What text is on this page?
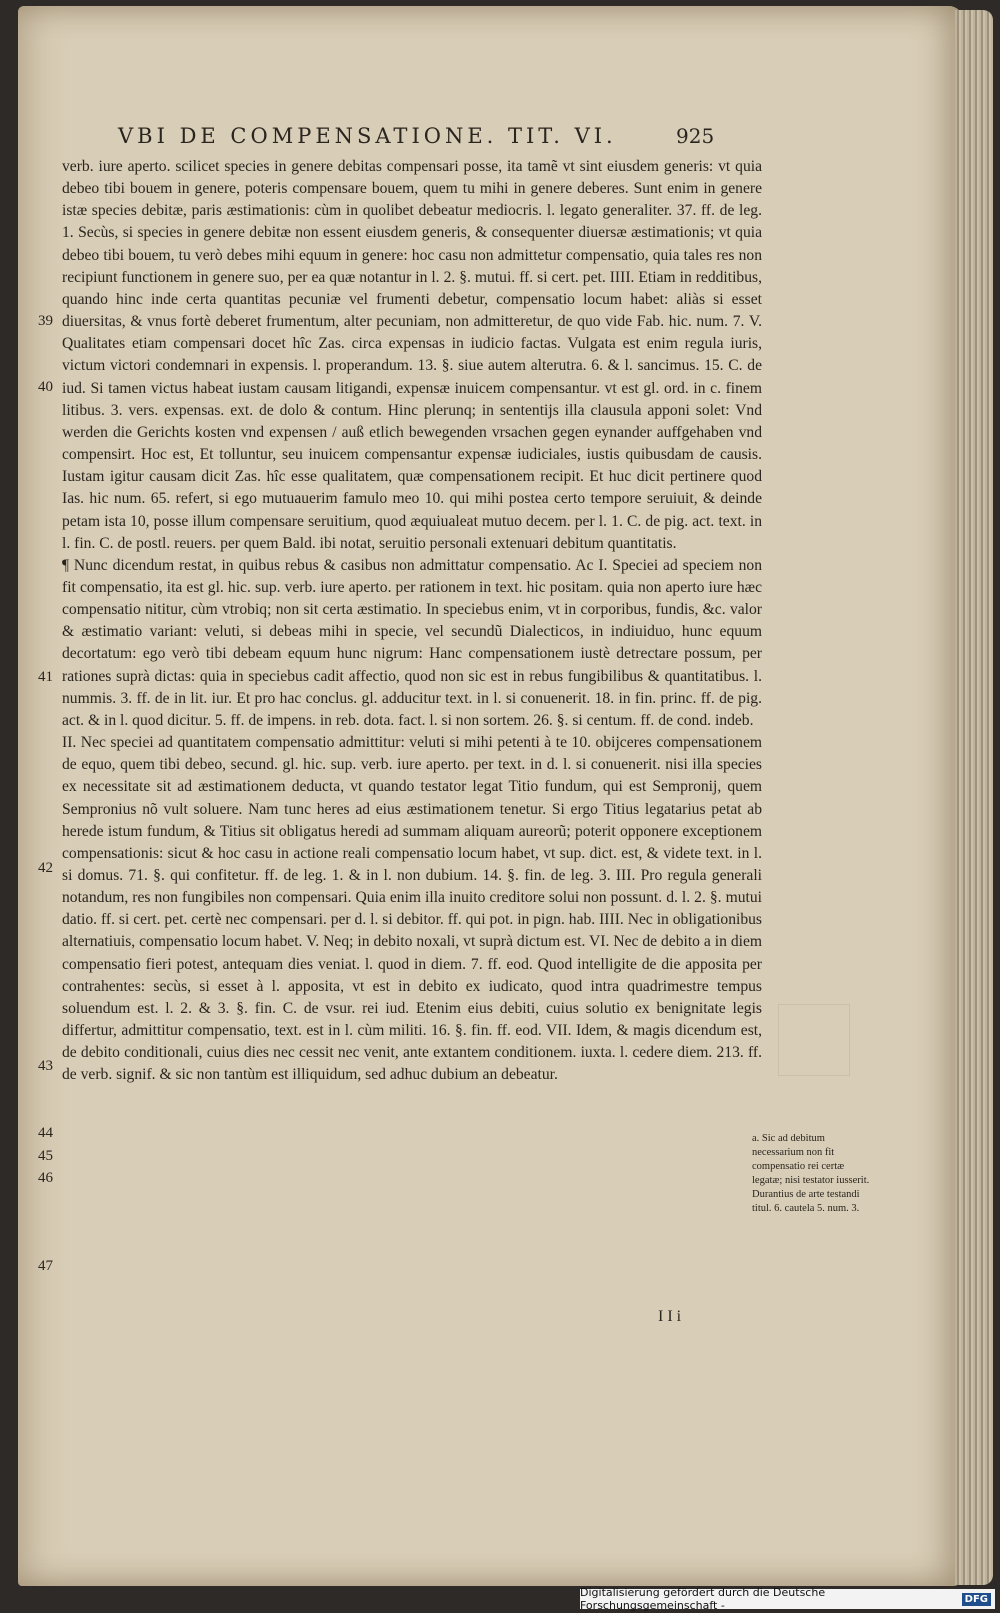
VBI DE COMPENSATIONE. TIT. VI.	925
39
40
41
42
43
44
45
46
47

verb. iure aperto. scilicet species in genere debitas compensari posse, ita tamẽ vt sint eiusdem generis: vt quia debeo tibi bouem in genere, poteris compensare bouem, quem tu mihi in genere deberes. Sunt enim in genere istæ species debitæ, paris æstimationis: cùm in quolibet debeatur mediocris. l. legato generaliter. 37. ff. de leg. 1. Secùs, si species in genere debitæ non essent eiusdem generis, & consequenter diuersæ æstimationis; vt quia debeo tibi bouem, tu verò debes mihi equum in genere: hoc casu non admittetur compensatio, quia tales res non recipiunt functionem in genere suo, per ea quæ notantur in l. 2. §. mutui. ff. si cert. pet. IIII. Etiam in redditibus, quando hinc inde certa quantitas pecuniæ vel frumenti debetur, compensatio locum habet: aliàs si esset diuersitas, & vnus fortè deberet frumentum, alter pecuniam, non admitteretur, de quo vide Fab. hic. num. 7. V. Qualitates etiam compensari docet hîc Zas. circa expensas in iudicio factas. Vulgata est enim regula iuris, victum victori condemnari in expensis. l. properandum. 13. §. siue autem alterutra. 6. & l. sancimus. 15. C. de iud. Si tamen victus habeat iustam causam litigandi, expensæ inuicem compensantur. vt est gl. ord. in c. finem litibus. 3. vers. expensas. ext. de dolo & contum. Hinc plerunq; in sententijs illa clausula apponi solet: Vnd werden die Gerichts kosten vnd expensen / auß etlich bewegenden vrsachen gegen eynander auffgehaben vnd compensirt. Hoc est, Et tolluntur, seu inuicem compensantur expensæ iudiciales, iustis quibusdam de causis. Iustam igitur causam dicit Zas. hîc esse qualitatem, quæ compensationem recipit. Et huc dicit pertinere quod Ias. hic num. 65. refert, si ego mutuauerim famulo meo 10. qui mihi postea certo tempore seruiuit, & deinde petam ista 10, posse illum compensare seruitium, quod æquiualeat mutuo decem. per l. 1. C. de pig. act. text. in l. fin. C. de postl. reuers. per quem Bald. ibi notat, seruitio personali extenuari debitum quantitatis.

¶ Nunc dicendum restat, in quibus rebus & casibus non admittatur compensatio. Ac I. Speciei ad speciem non fit compensatio, ita est gl. hic. sup. verb. iure aperto. per rationem in text. hic positam. quia non aperto iure hæc compensatio nititur, cùm vtrobiq; non sit certa æstimatio. In speciebus enim, vt in corporibus, fundis, &c. valor & æstimatio variant: veluti, si debeas mihi in specie, vel secundũ Dialecticos, in indiuiduo, hunc equum decortatum: ego verò tibi debeam equum hunc nigrum: Hanc compensationem iustè detrectare possum, per rationes suprà dictas: quia in speciebus cadit affectio, quod non sic est in rebus fungibilibus & quantitatibus. l. nummis. 3. ff. de in lit. iur. Et pro hac conclus. gl. adducitur text. in l. si conuenerit. 18. in fin. princ. ff. de pig. act. & in l. quod dicitur. 5. ff. de impens. in reb. dota. fact. l. si non sortem. 26. §. si centum. ff. de cond. indeb.

II. Nec speciei ad quantitatem compensatio admittitur: veluti si mihi petenti à te 10. obijceres compensationem de equo, quem tibi debeo, secund. gl. hic. sup. verb. iure aperto. per text. in d. l. si conuenerit. nisi illa species ex necessitate sit ad æstimationem deducta, vt quando testator legat Titio fundum, qui est Sempronij, quem Sempronius nõ vult soluere. Nam tunc heres ad eius æstimationem tenetur. Si ergo Titius legatarius petat ab herede istum fundum, & Titius sit obligatus heredi ad summam aliquam aureorũ; poterit opponere exceptionem compensationis: sicut & hoc casu in actione reali compensatio locum habet, vt sup. dict. est, & videte text. in l. si domus. 71. §. qui confitetur. ff. de leg. 1. & in l. non dubium. 14. §. fin. de leg. 3. III. Pro regula generali notandum, res non fungibiles non compensari. Quia enim illa inuito creditore solui non possunt. d. l. 2. §. mutui datio. ff. si cert. pet. certè nec compensari. per d. l. si debitor. ff. qui pot. in pign. hab. IIII. Nec in obligationibus alternatiuis, compensatio locum habet. V. Neq; in debito noxali, vt suprà dictum est. VI. Nec de debito a in diem compensatio fieri potest, antequam dies veniat. l. quod in diem. 7. ff. eod. Quod intelligite de die apposita per contrahentes: secùs, si esset à l. apposita, vt est in debito ex iudicato, quod intra quadrimestre tempus soluendum est. l. 2. & 3. §. fin. C. de vsur. rei iud. Etenim eius debiti, cuius solutio ex benignitate legis differtur, admittitur compensatio, text. est in l. cùm militi. 16. §. fin. ff. eod. VII. Idem, & magis dicendum est, de debito conditionali, cuius dies nec cessit nec venit, ante extantem conditionem. iuxta. l. cedere diem. 213. ff. de verb. signif. & sic non tantùm est illiquidum, sed adhuc dubium an debeatur.

a. Sic ad debitum necessarium non fit compensatio rei certæ legatæ; nisi testator iusserit. Durantius de arte testandi titul. 6. cautela 5. num. 3.
I I i
Digitalisierung gefördert durch die Deutsche Forschungsgemeinschaft -	DFG
